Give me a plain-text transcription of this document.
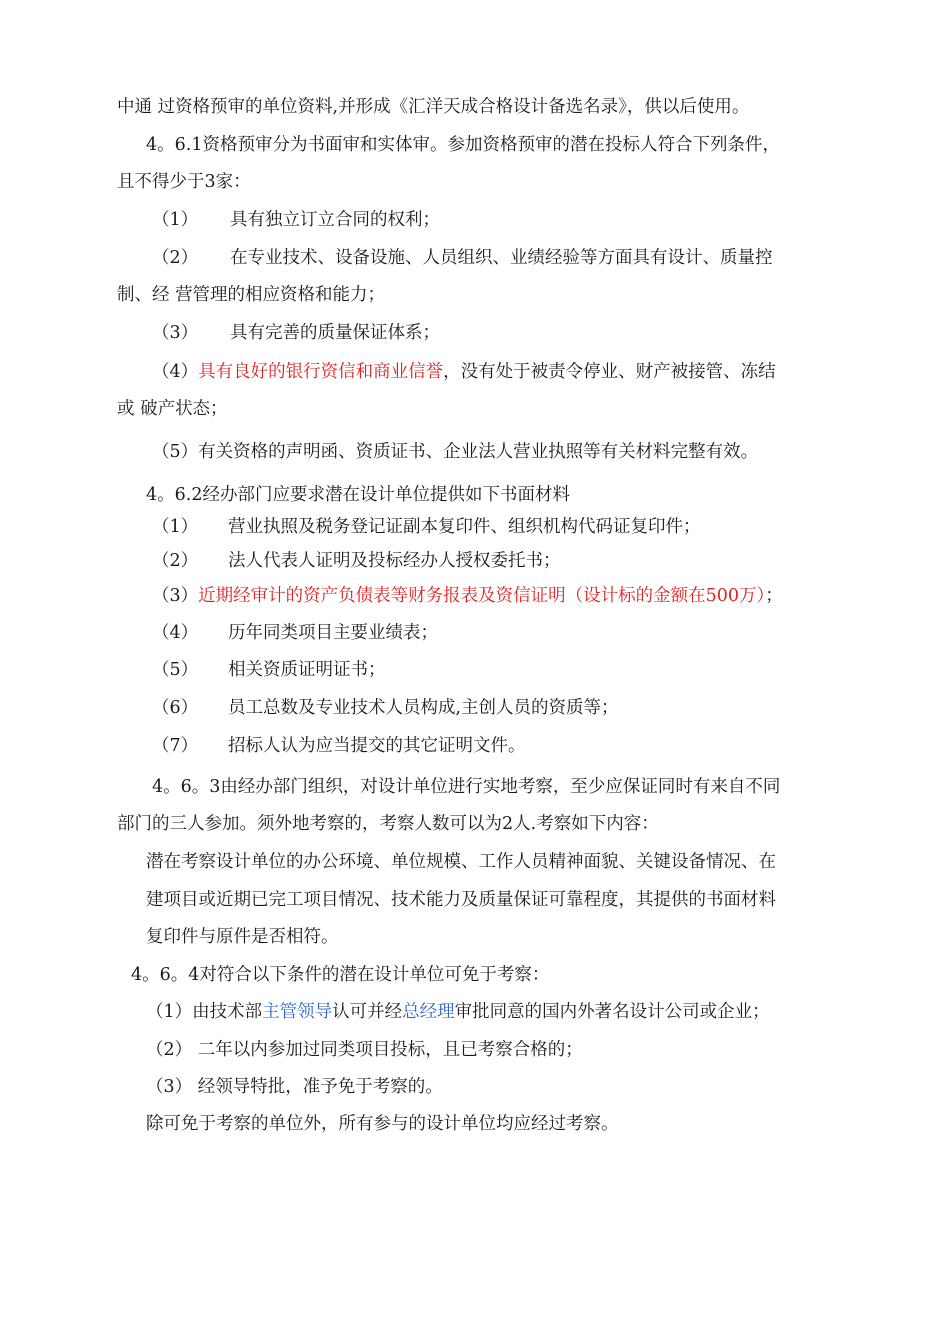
中通 过资格预审的单位资料,并形成《汇洋天成合格设计备选名录》，供以后使用。
4。6.1资格预审分为书面审和实体审。参加资格预审的潜在投标人符合下列条件，
且不得少于3家：
（1） 具有独立订立合同的权利；
（2） 在专业技术、设备设施、人员组织、业绩经验等方面具有设计、质量控
制、经 营管理的相应资格和能力；
（3） 具有完善的质量保证体系；
（4）具有良好的银行资信和商业信誉，没有处于被责令停业、财产被接管、冻结
或 破产状态；
（5）有关资格的声明函、资质证书、企业法人营业执照等有关材料完整有效。
4。6.2经办部门应要求潜在设计单位提供如下书面材料
（1） 营业执照及税务登记证副本复印件、组织机构代码证复印件；
（2） 法人代表人证明及投标经办人授权委托书；
（3）近期经审计的资产负债表等财务报表及资信证明（设计标的金额在500万）；
（4） 历年同类项目主要业绩表；
（5） 相关资质证明证书；
（6） 员工总数及专业技术人员构成,主创人员的资质等；
（7） 招标人认为应当提交的其它证明文件。
4。6。3由经办部门组织，对设计单位进行实地考察，至少应保证同时有来自不同
部门的三人参加。须外地考察的，考察人数可以为2人.考察如下内容：
潜在考察设计单位的办公环境、单位规模、工作人员精神面貌、关键设备情况、在
建项目或近期已完工项目情况、技术能力及质量保证可靠程度，其提供的书面材料
复印件与原件是否相符。
4。6。4对符合以下条件的潜在设计单位可免于考察：
（1）由技术部主管领导认可并经总经理审批同意的国内外著名设计公司或企业；
（2） 二年以内参加过同类项目投标，且已考察合格的；
（3） 经领导特批，准予免于考察的。
除可免于考察的单位外，所有参与的设计单位均应经过考察。
